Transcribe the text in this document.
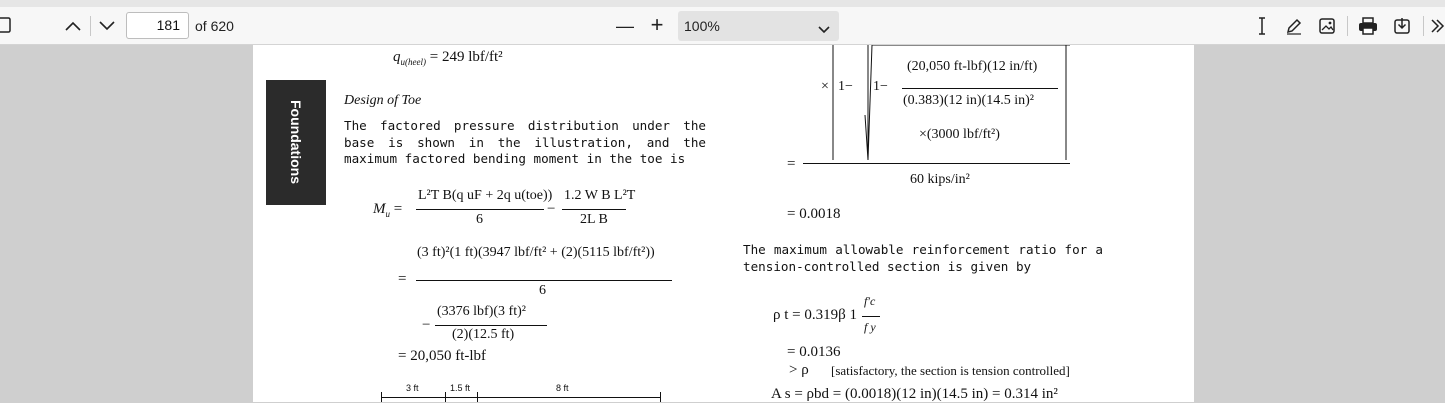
181	of 620	— +	100%
Foundations
$q_{u(heel)} = 249$ lbf/ft²
Design of Toe
The factored pressure distribution under the base is shown in the illustration, and the maximum factored bending moment in the toe is
$M_u$ =
L²T B(q uF + 2q u(toe))
6
−
1.2 W B L²T
2L B
=
(3 ft)²(1 ft)(3947 lbf/ft² + (2)(5115 lbf/ft²))
6
−
(3376 lbf)(3 ft)²
(2)(12.5 ft)
= 20,050 ft-lbf
3 ft	1.5 ft	8 ft
× 1− 1−
(20,050 ft-lbf)(12 in/ft)
(0.383)(12 in)(14.5 in)²
×(3000 lbf/ft²)
=
60 kips/in²
= 0.0018
The maximum allowable reinforcement ratio for a tension-controlled section is given by
ρ t = 0.319β 1
f′c
f y
= 0.0136
> ρ [satisfactory, the section is tension controlled]
A s = ρbd = (0.0018)(12 in)(14.5 in) = 0.314 in²
